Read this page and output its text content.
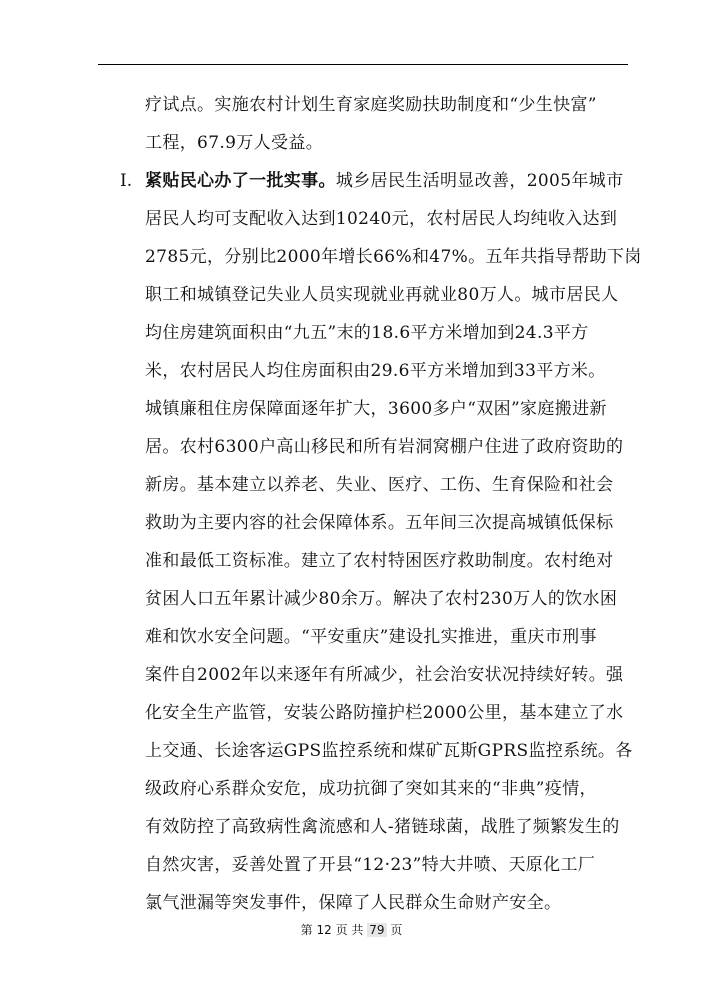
疗试点。实施农村计划生育家庭奖励扶助制度和“少生快富”
工程，67.9万人受益。
I. 紧贴民心办了一批实事。城乡居民生活明显改善，2005年城市
居民人均可支配收入达到10240元，农村居民人均纯收入达到
2785元，分别比2000年增长66%和47%。五年共指导帮助下岗
职工和城镇登记失业人员实现就业再就业80万人。城市居民人
均住房建筑面积由“九五”末的18.6平方米增加到24.3平方
米，农村居民人均住房面积由29.6平方米增加到33平方米。
城镇廉租住房保障面逐年扩大，3600多户“双困”家庭搬进新
居。农村6300户高山移民和所有岩洞窝棚户住进了政府资助的
新房。基本建立以养老、失业、医疗、工伤、生育保险和社会
救助为主要内容的社会保障体系。五年间三次提高城镇低保标
准和最低工资标准。建立了农村特困医疗救助制度。农村绝对
贫困人口五年累计减少80余万。解决了农村230万人的饮水困
难和饮水安全问题。“平安重庆”建设扎实推进，重庆市刑事
案件自2002年以来逐年有所减少，社会治安状况持续好转。强
化安全生产监管，安装公路防撞护栏2000公里，基本建立了水
上交通、长途客运GPS监控系统和煤矿瓦斯GPRS监控系统。各
级政府心系群众安危，成功抗御了突如其来的“非典”疫情，
有效防控了高致病性禽流感和人-猪链球菌，战胜了频繁发生的
自然灾害，妥善处置了开县“12·23”特大井喷、天原化工厂
氯气泄漏等突发事件，保障了人民群众生命财产安全。
第 12 页 共 79 页
